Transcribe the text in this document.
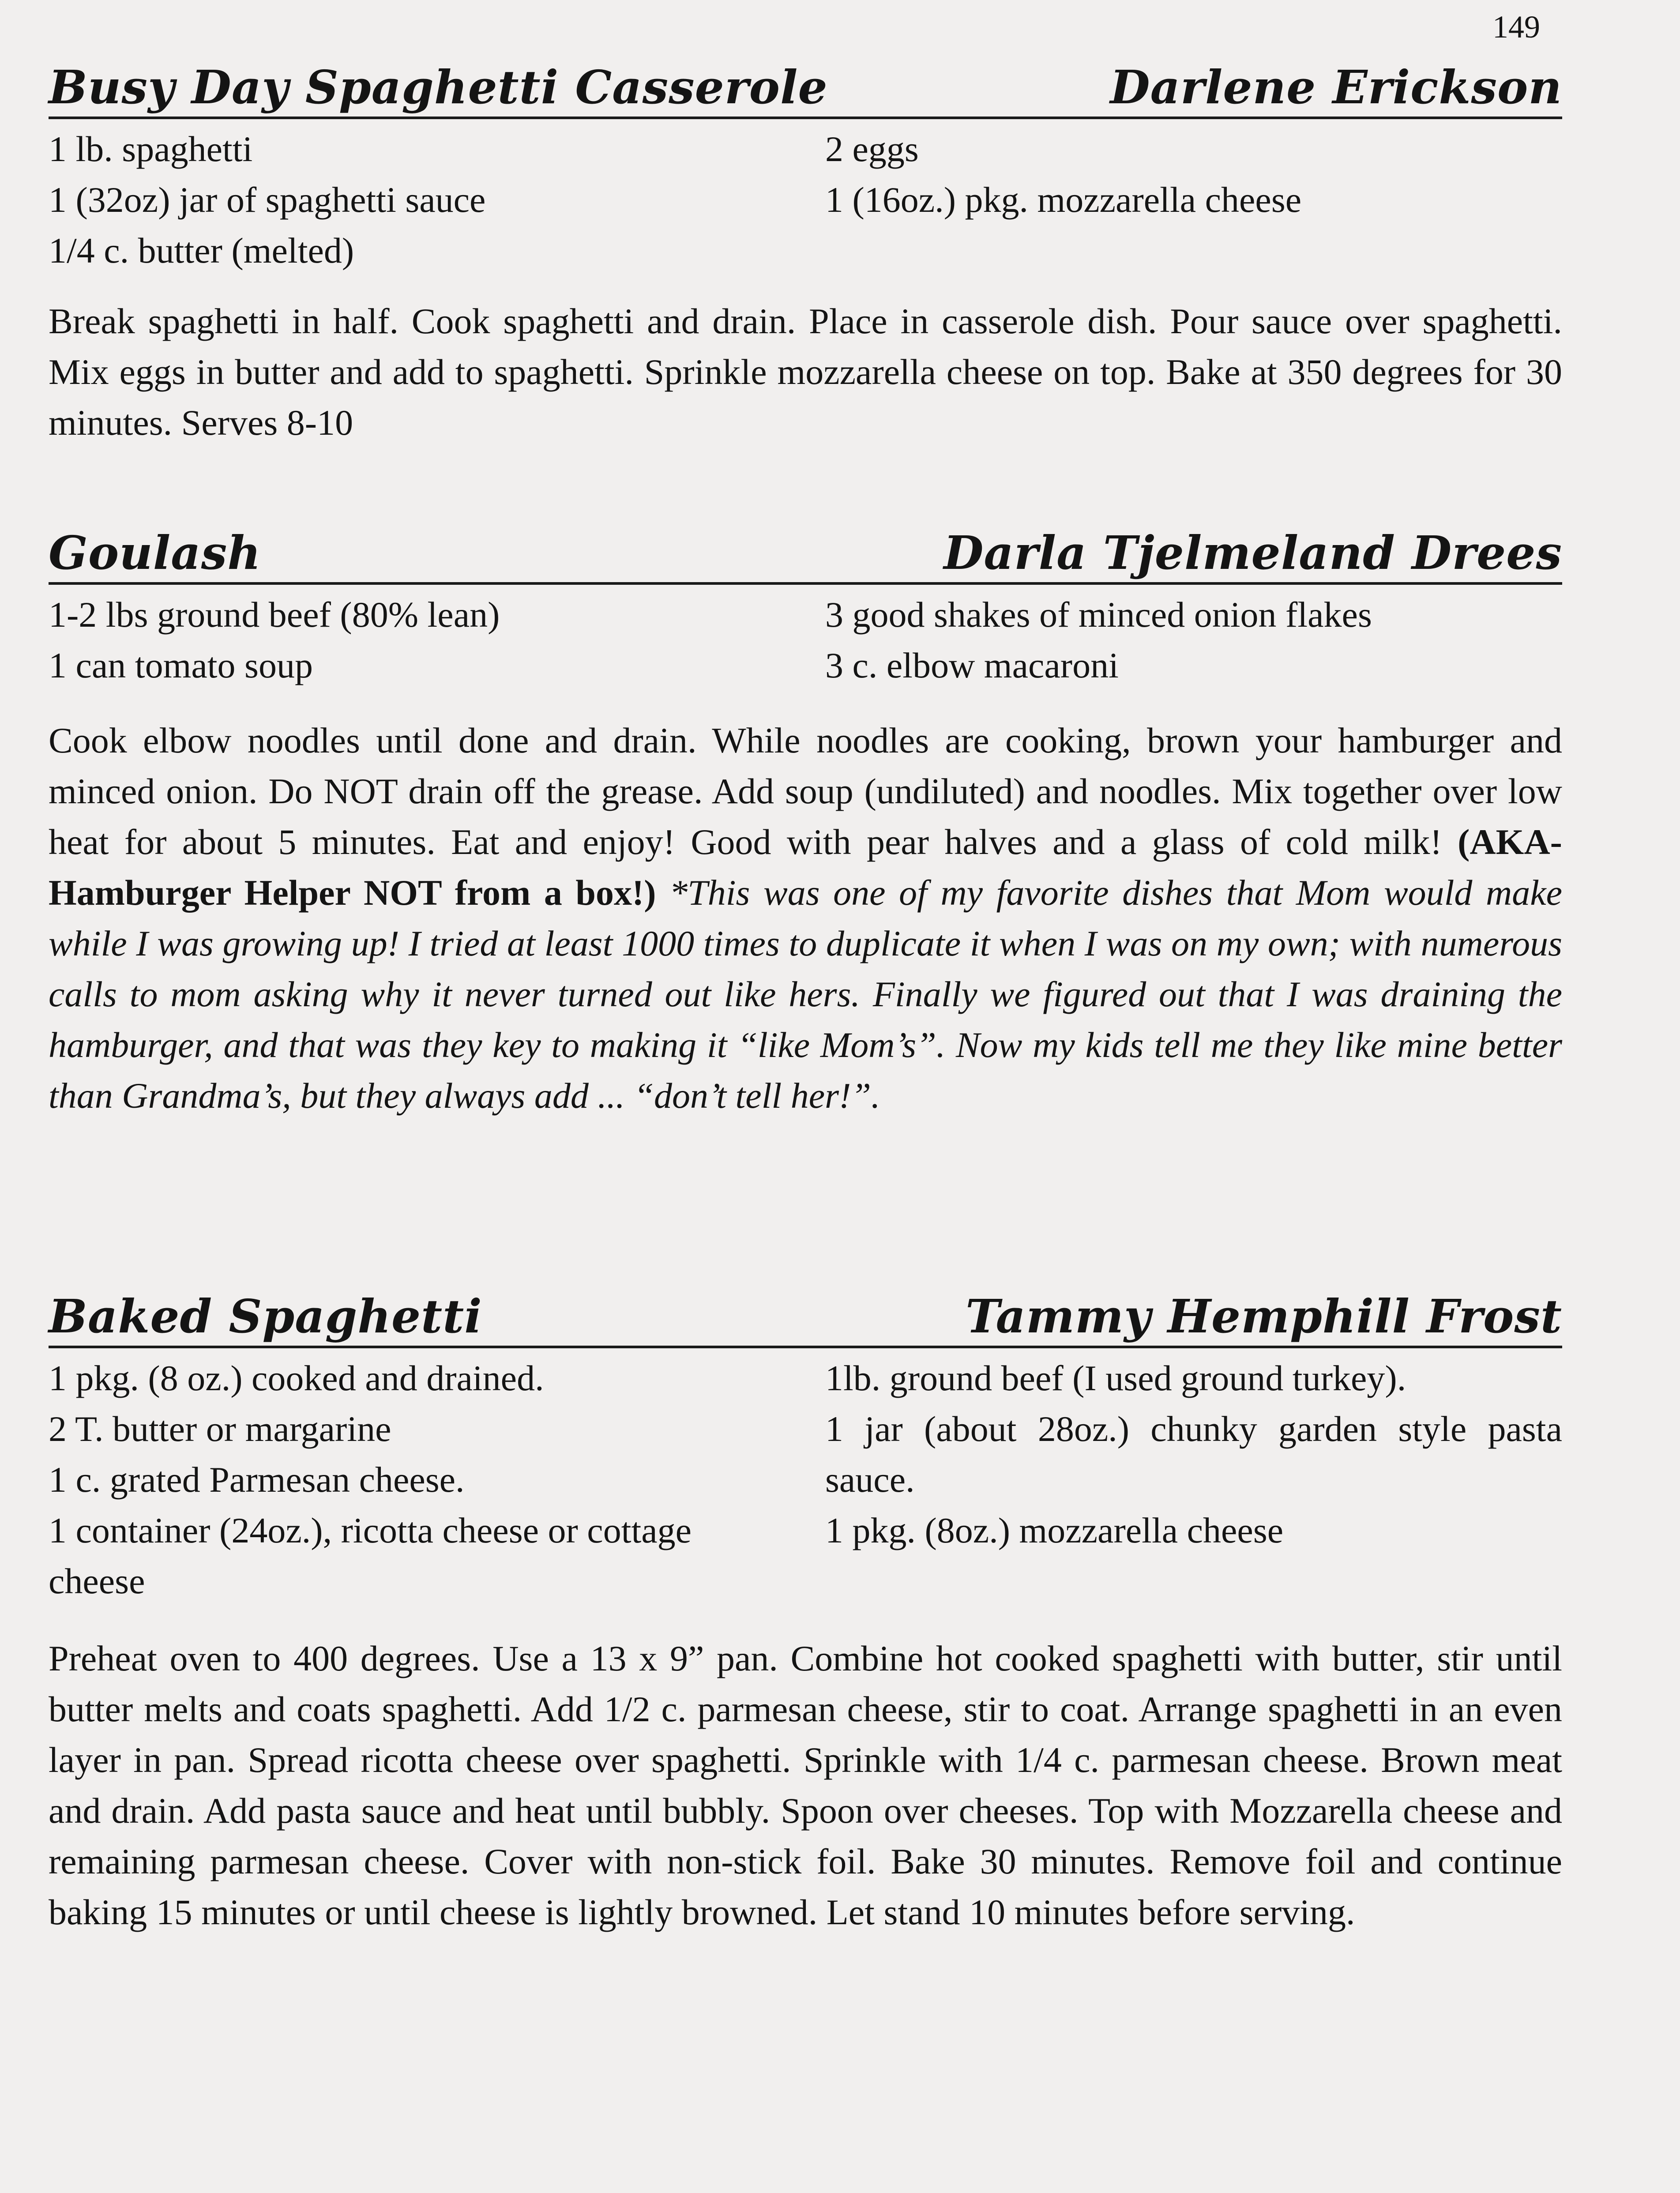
149
Busy Day Spaghetti Casserole	Darlene Erickson
1 lb. spaghetti
1 (32oz) jar of spaghetti sauce
1/4 c. butter (melted)
2 eggs
1 (16oz.) pkg. mozzarella cheese

Break spaghetti in half. Cook spaghetti and drain. Place in casserole dish. Pour sauce over spaghetti. Mix eggs in butter and add to spaghetti. Sprinkle mozzarella cheese on top. Bake at 350 degrees for 30 minutes. Serves 8-10

Goulash	Darla Tjelmeland Drees
1-2 lbs ground beef (80% lean)
1 can tomato soup
3 good shakes of minced onion flakes
3 c. elbow macaroni

Cook elbow noodles until done and drain. While noodles are cooking, brown your hamburger and minced onion. Do NOT drain off the grease. Add soup (undiluted) and noodles. Mix together over low heat for about 5 minutes. Eat and enjoy! Good with pear halves and a glass of cold milk! (AKA-Hamburger Helper NOT from a box!) *This was one of my favorite dishes that Mom would make while I was growing up! I tried at least 1000 times to duplicate it when I was on my own; with numerous calls to mom asking why it never turned out like hers. Finally we figured out that I was draining the hamburger, and that was they key to making it “like Mom’s”. Now my kids tell me they like mine better than Grandma’s, but they always add ... “don’t tell her!”.

Baked Spaghetti	Tammy Hemphill Frost
1 pkg. (8 oz.) cooked and drained.
2 T. butter or margarine
1 c. grated Parmesan cheese.
1 container (24oz.), ricotta cheese or cottage cheese
1lb. ground beef (I used ground turkey).
1 jar (about 28oz.) chunky garden style pasta sauce.
1 pkg. (8oz.) mozzarella cheese

Preheat oven to 400 degrees. Use a 13 x 9” pan. Combine hot cooked spaghetti with butter, stir until butter melts and coats spaghetti. Add 1/2 c. parmesan cheese, stir to coat. Arrange spaghetti in an even layer in pan. Spread ricotta cheese over spaghetti. Sprinkle with 1/4 c. parmesan cheese. Brown meat and drain. Add pasta sauce and heat until bubbly. Spoon over cheeses. Top with Mozzarella cheese and remaining parmesan cheese. Cover with non-stick foil. Bake 30 minutes. Remove foil and continue baking 15 minutes or until cheese is lightly browned. Let stand 10 minutes before serving.
